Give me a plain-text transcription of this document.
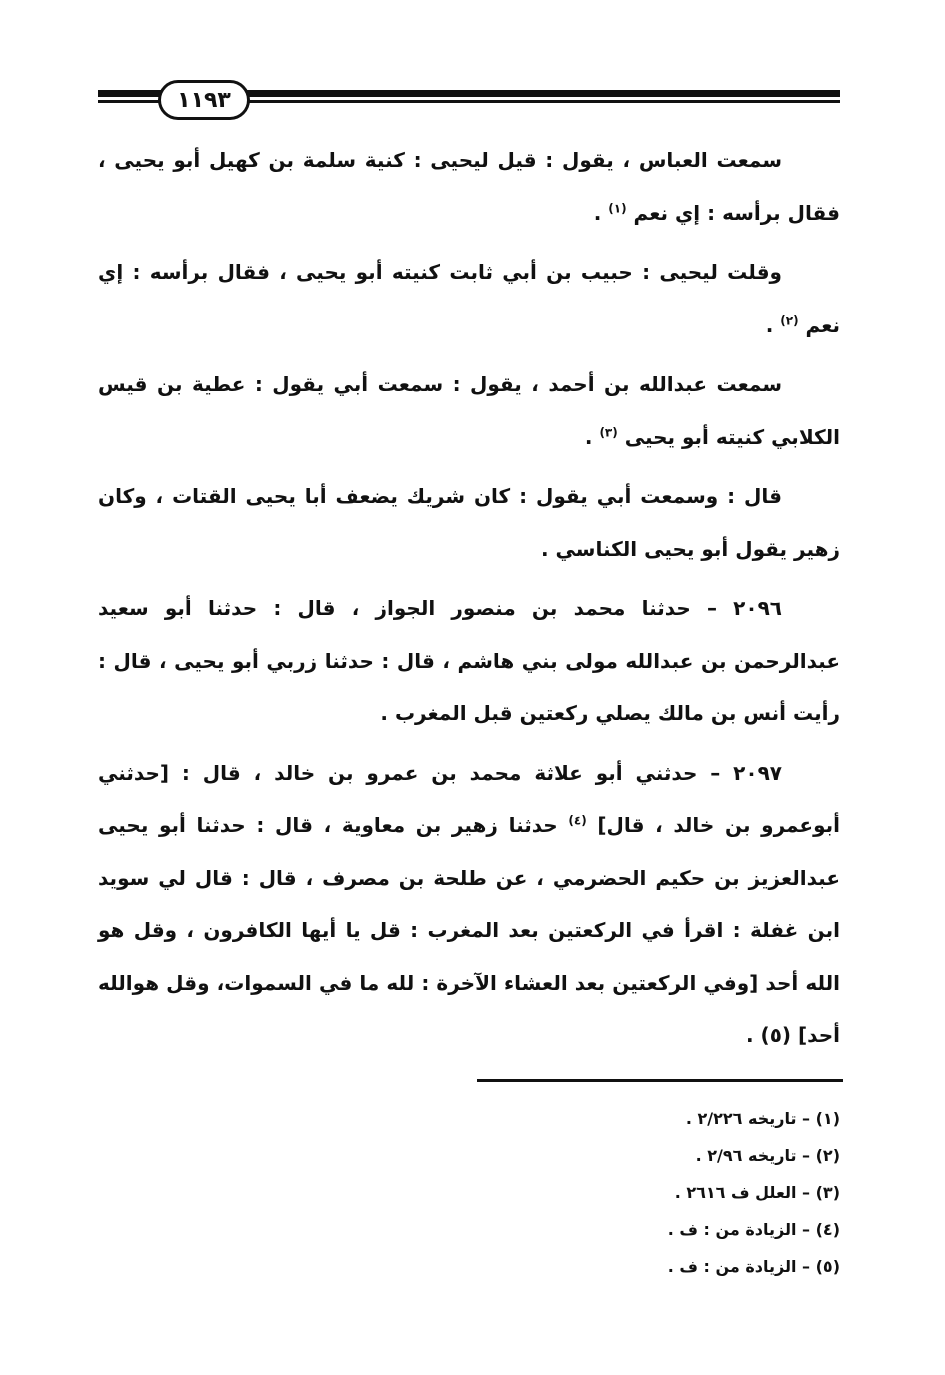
١١٩٣

سمعت العباس ، يقول : قيل ليحيى : كنية سلمة بن كهيل أبو يحيى ، فقال برأسه : إي نعم $^{(١)}$ .

وقلت ليحيى : حبيب بن أبي ثابت كنيته أبو يحيى ، فقال برأسه : إي نعم $^{(٢)}$ .

سمعت عبدالله بن أحمد ، يقول : سمعت أبي يقول : عطية بن قيس الكلابي كنيته أبو يحيى $^{(٣)}$ .

قال : وسمعت أبي يقول : كان شريك يضعف أبا يحيى القتات ، وكان زهير يقول أبو يحيى الكناسي .

٢٠٩٦ – حدثنا محمد بن منصور الجواز ، قال : حدثنا أبو سعيد عبدالرحمن بن عبدالله مولى بني هاشم ، قال : حدثنا زربي أبو يحيى ، قال : رأيت أنس بن مالك يصلي ركعتين قبل المغرب .

٢٠٩٧ – حدثني أبو علاثة محمد بن عمرو بن خالد ، قال : [حدثني أبوعمرو بن خالد ، قال] $^{(٤)}$ حدثنا زهير بن معاوية ، قال : حدثنا أبو يحيى عبدالعزيز بن حكيم الحضرمي ، عن طلحة بن مصرف ، قال : قال لي سويد ابن غفلة : اقرأ في الركعتين بعد المغرب : قل يا أيها الكافرون ، وقل هو الله أحد [وفي الركعتين بعد العشاء الآخرة : لله ما في السموات، وقل هوالله أحد] (٥) .

(١) – تاريخه ٢/٢٢٦ .
(٢) – تاريخه ٢/٩٦ .
(٣) – العلل ف ٢٦١٦ .
(٤) – الزيادة من : ف .
(٥) – الزيادة من : ف .
